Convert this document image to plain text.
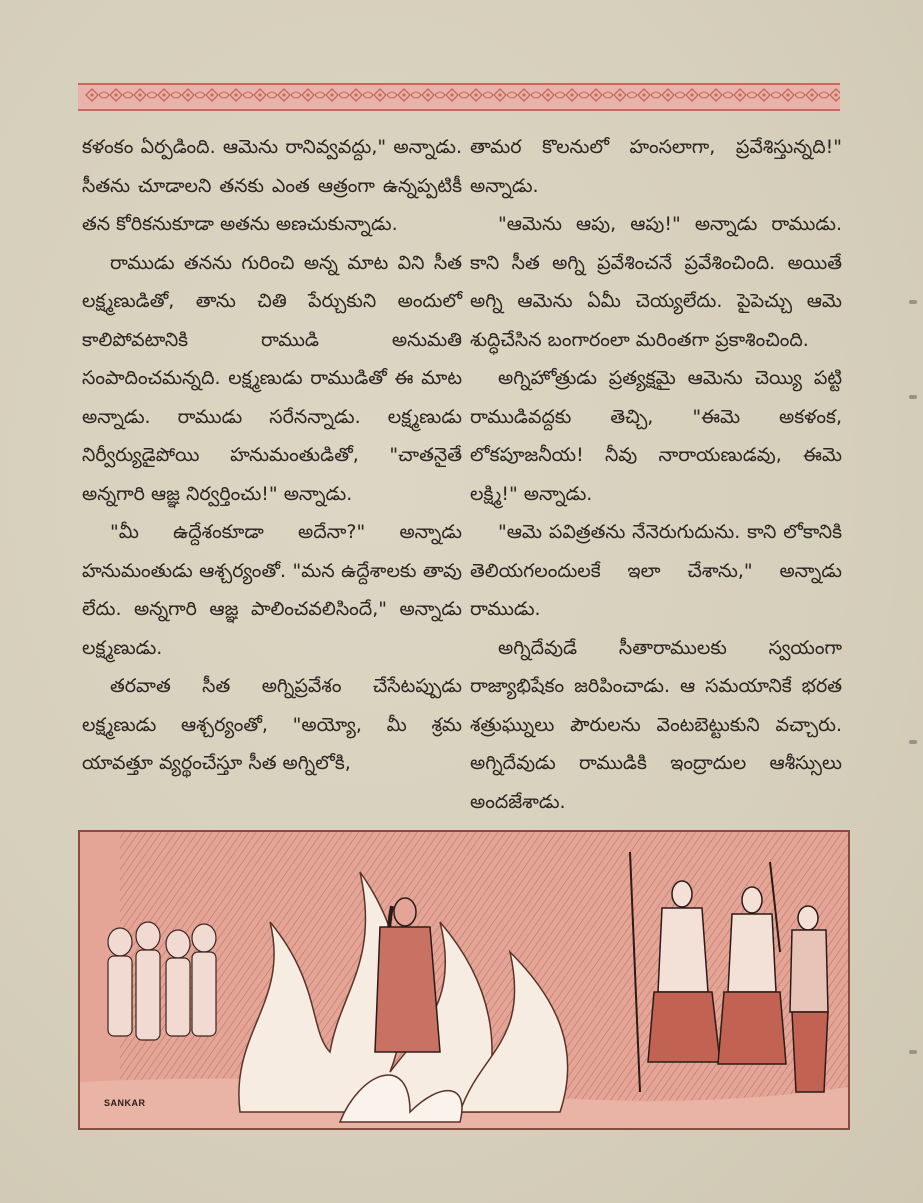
కళంకం ఏర్పడింది. ఆమెను రానివ్వవద్దు," అన్నాడు. సీతను చూడాలని తనకు ఎంత ఆత్రంగా ఉన్నప్పటికీ తన కోరికనుకూడా అతను అణచుకున్నాడు.

రాముడు తనను గురించి అన్న మాట విని సీత లక్ష్మణుడితో, తాను చితి పేర్చుకుని అందులో కాలిపోవటానికి రాముడి అనుమతి సంపాదించమన్నది. లక్ష్మణుడు రాముడితో ఈ మాట అన్నాడు. రాముడు సరేనన్నాడు. లక్ష్మణుడు నిర్వీర్యుడైపోయి హనుమంతుడితో, "చాతనైతే అన్నగారి ఆజ్ఞ నిర్వర్తించు!" అన్నాడు.

"మీ ఉద్దేశంకూడా అదేనా?" అన్నాడు హనుమంతుడు ఆశ్చర్యంతో. "మన ఉద్దేశాలకు తావు లేదు. అన్నగారి ఆజ్ఞ పాలించవలిసిందే," అన్నాడు లక్ష్మణుడు.

తరవాత సీత అగ్నిప్రవేశం చేసేటప్పుడు లక్ష్మణుడు ఆశ్చర్యంతో, "అయ్యో, మీ శ్రమ యావత్తూ వ్యర్థంచేస్తూ సీత అగ్నిలోకి,

తామర కొలనులో హంసలాగా, ప్రవేశిస్తున్నది!" అన్నాడు.

"ఆమెను ఆపు, ఆపు!" అన్నాడు రాముడు. కాని సీత అగ్ని ప్రవేశించనే ప్రవేశించింది. అయితే అగ్ని ఆమెను ఏమీ చెయ్యలేదు. పైపెచ్చు ఆమె శుద్ధిచేసిన బంగారంలా మరింతగా ప్రకాశించింది.

అగ్నిహోత్రుడు ప్రత్యక్షమై ఆమెను చెయ్యి పట్టి రాముడివద్దకు తెచ్చి, "ఈమె అకళంక, లోకపూజనీయ! నీవు నారాయణుడవు, ఈమె లక్ష్మి!" అన్నాడు.

"ఆమె పవిత్రతను నేనెరుగుదును. కాని లోకానికి తెలియగలందులకే ఇలా చేశాను," అన్నాడు రాముడు.

అగ్నిదేవుడే సీతారాములకు స్వయంగా రాజ్యాభిషేకం జరిపించాడు. ఆ సమయానికే భరత శత్రుఘ్నులు పౌరులను వెంటబెట్టుకుని వచ్చారు. అగ్నిదేవుడు రాముడికి ఇంద్రాదుల ఆశీస్సులు అందజేశాడు.

SANKAR
